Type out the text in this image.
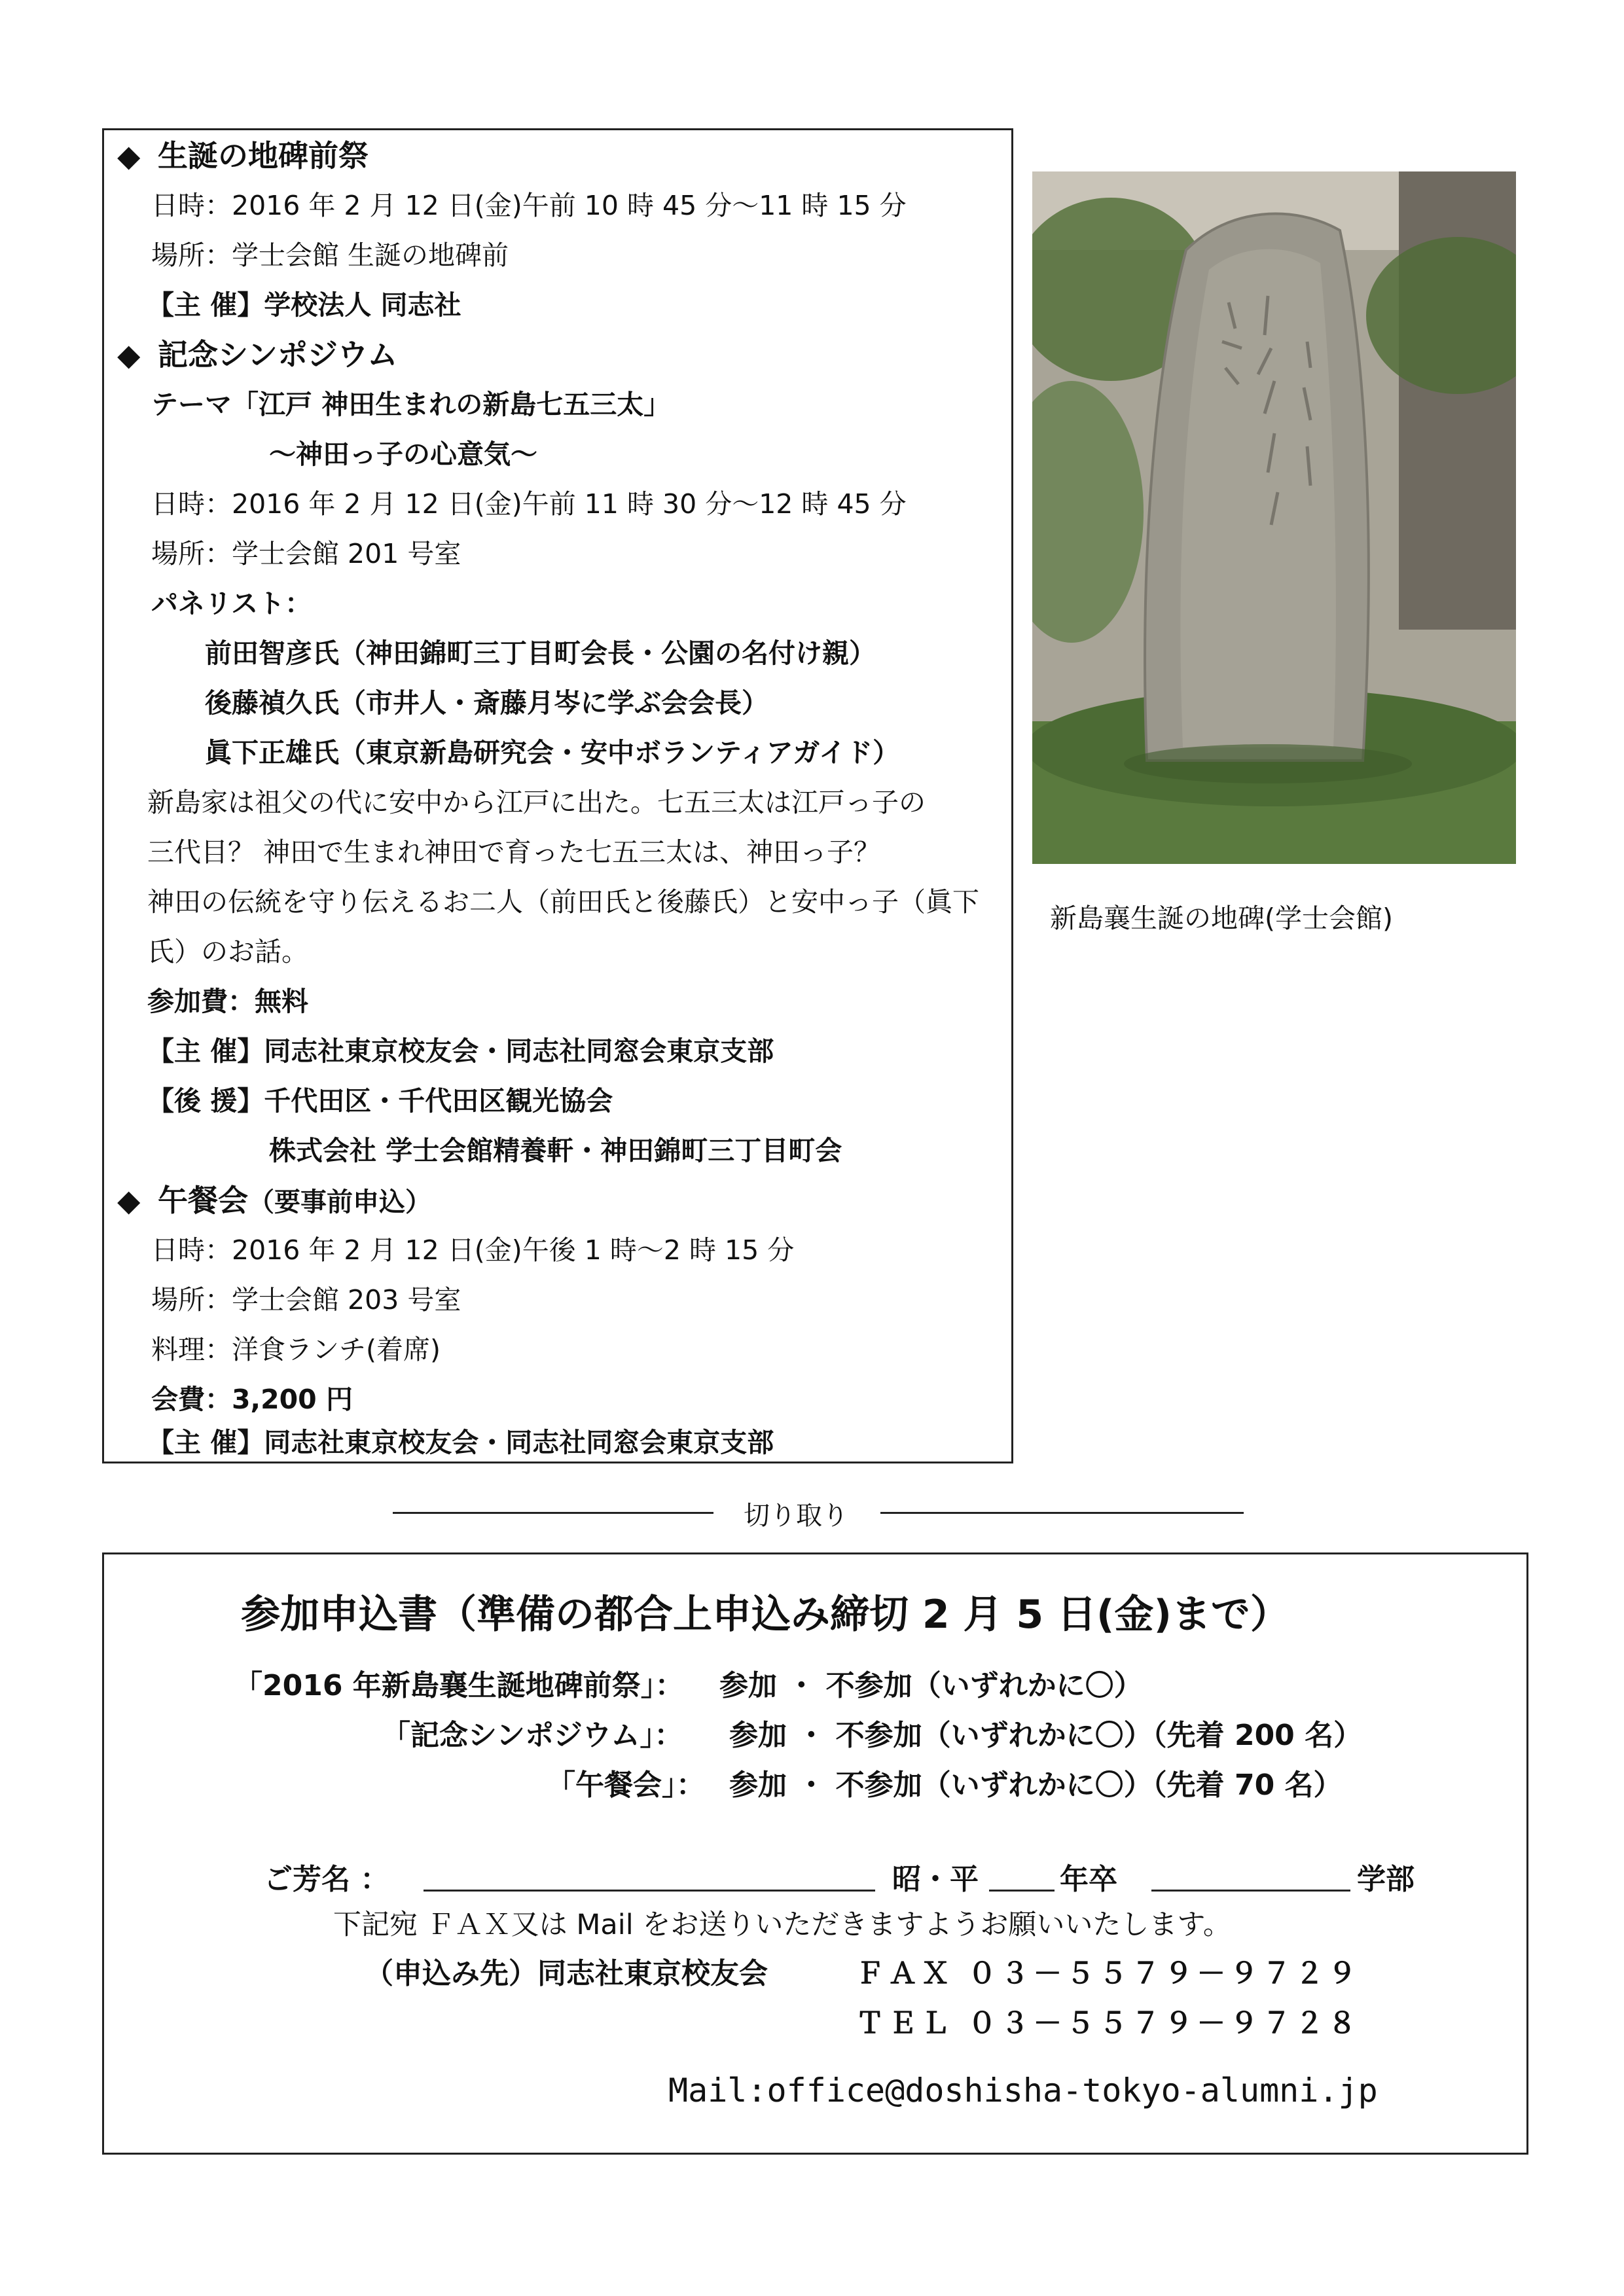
◆ 生誕の地碑前祭
日時：2016 年 2 月 12 日(金)午前 10 時 45 分～11 時 15 分
場所：学士会館 生誕の地碑前
【主 催】学校法人 同志社
◆ 記念シンポジウム
テーマ「江戸 神田生まれの新島七五三太」
～神田っ子の心意気～
日時：2016 年 2 月 12 日(金)午前 11 時 30 分～12 時 45 分
場所：学士会館 201 号室
パネリスト：
前田智彦氏（神田錦町三丁目町会長・公園の名付け親）
後藤禎久氏（市井人・斎藤月岑に学ぶ会会長）
眞下正雄氏（東京新島研究会・安中ボランティアガイド）
新島家は祖父の代に安中から江戸に出た。七五三太は江戸っ子の
三代目？ 神田で生まれ神田で育った七五三太は、神田っ子？
神田の伝統を守り伝えるお二人（前田氏と後藤氏）と安中っ子（眞下
氏）のお話。
参加費：無料
【主 催】同志社東京校友会・同志社同窓会東京支部
【後 援】千代田区・千代田区観光協会
株式会社 学士会館精養軒・神田錦町三丁目町会
◆ 午餐会（要事前申込）
日時：2016 年 2 月 12 日(金)午後 1 時～2 時 15 分
場所：学士会館 203 号室
料理：洋食ランチ(着席)
会費：3,200 円
【主 催】同志社東京校友会・同志社同窓会東京支部
新島襄生誕の地碑(学士会館)
切り取り
参加申込書（準備の都合上申込み締切 2 月 5 日(金)まで）
「2016 年新島襄生誕地碑前祭」： 参加 ・ 不参加（いずれかに〇）
「記念シンポジウム」： 参加 ・ 不参加（いずれかに〇）（先着 200 名）
「午餐会」： 参加 ・ 不参加（いずれかに〇）（先着 70 名）
ご芳名 ：	昭・平	年卒	学部
下記宛 ＦＡＸ又は Mail をお送りいただきますようお願いいたします。
（申込み先）同志社東京校友会	ＦＡＸ ０３－５５７９－９７２９
ＴＥＬ ０３－５５７９－９７２８
Mail:office@doshisha-tokyo-alumni.jp
